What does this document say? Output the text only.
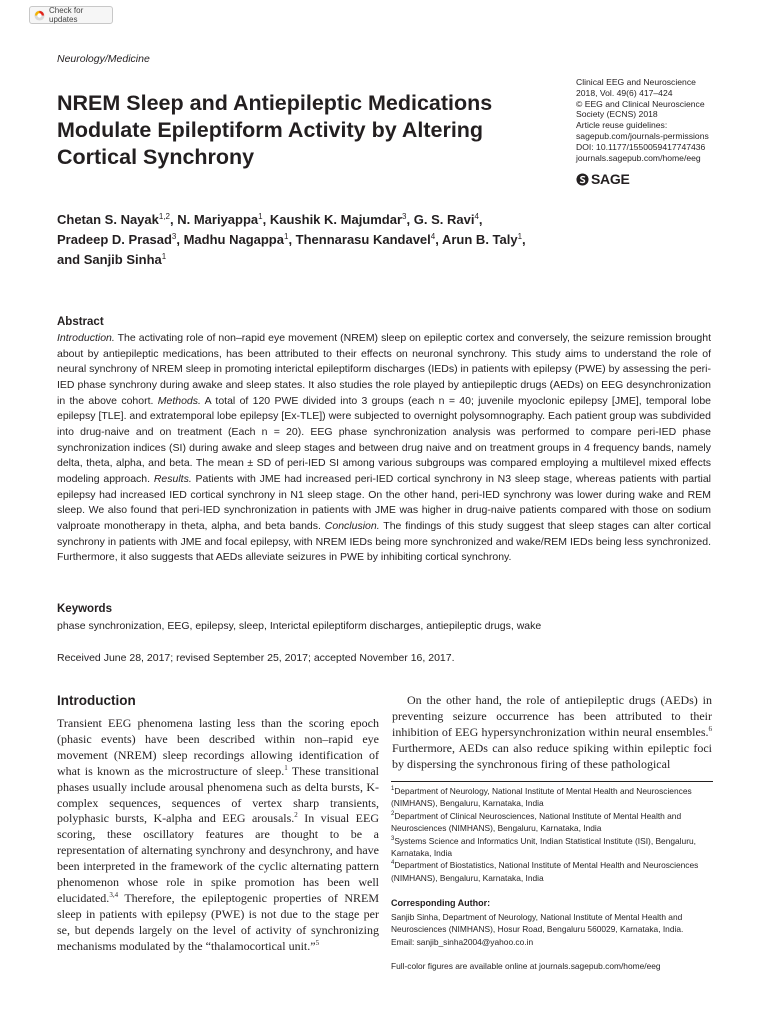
Check for updates
Neurology/Medicine
NREM Sleep and Antiepileptic Medications Modulate Epileptiform Activity by Altering Cortical Synchrony
Clinical EEG and Neuroscience
2018, Vol. 49(6) 417–424
© EEG and Clinical Neuroscience
Society (ECNS) 2018
Article reuse guidelines:
sagepub.com/journals-permissions
DOI: 10.1177/1550059417747436
journals.sagepub.com/home/eeg
SAGE
Chetan S. Nayak$^{1,2}$, N. Mariyappa$^1$, Kaushik K. Majumdar$^3$, G. S. Ravi$^4$,
Pradeep D. Prasad$^3$, Madhu Nagappa$^1$, Thennarasu Kandavel$^4$, Arun B. Taly$^1$,
and Sanjib Sinha$^1$
Abstract

Introduction. The activating role of non–rapid eye movement (NREM) sleep on epileptic cortex and conversely, the seizure remission brought about by antiepileptic medications, has been attributed to their effects on neuronal synchrony. This study aims to understand the role of neural synchrony of NREM sleep in promoting interictal epileptiform discharges (IEDs) in patients with epilepsy (PWE) by assessing the peri-IED phase synchrony during awake and sleep states. It also studies the role played by antiepileptic drugs (AEDs) on EEG desynchronization in the above cohort. Methods. A total of 120 PWE divided into 3 groups (each n = 40; juvenile myoclonic epilepsy [JME], temporal lobe epilepsy [TLE]. and extratemporal lobe epilepsy [Ex-TLE]) were subjected to overnight polysomnography. Each patient group was subdivided into drug-naive and on treatment (Each n = 20). EEG phase synchronization analysis was performed to compare peri-IED phase synchronization indices (SI) during awake and sleep stages and between drug naive and on treatment groups in 4 frequency bands, namely delta, theta, alpha, and beta. The mean ± SD of peri-IED SI among various subgroups was compared employing a multilevel mixed effects modeling approach. Results. Patients with JME had increased peri-IED cortical synchrony in N3 sleep stage, whereas patients with partial epilepsy had increased IED cortical synchrony in N1 sleep stage. On the other hand, peri-IED synchrony was lower during wake and REM sleep. We also found that peri-IED synchronization in patients with JME was higher in drug-naive patients compared with those on sodium valproate monotherapy in theta, alpha, and beta bands. Conclusion. The findings of this study suggest that sleep stages can alter cortical synchrony in patients with JME and focal epilepsy, with NREM IEDs being more synchronized and wake/REM IEDs being less synchronized. Furthermore, it also suggests that AEDs alleviate seizures in PWE by inhibiting cortical synchrony.

Keywords
phase synchronization, EEG, epilepsy, sleep, Interictal epileptiform discharges, antiepileptic drugs, wake
Received June 28, 2017; revised September 25, 2017; accepted November 16, 2017.
Introduction

Transient EEG phenomena lasting less than the scoring epoch (phasic events) have been described within non–rapid eye movement (NREM) sleep recordings allowing identification of what is known as the microstructure of sleep.$^1$ These transitional phases usually include arousal phenomena such as delta bursts, K-complex sequences, sequences of vertex sharp transients, polyphasic bursts, K-alpha and EEG arousals.$^2$ In visual EEG scoring, these oscillatory features are thought to be a representation of alternating synchrony and desynchrony, and have been interpreted in the framework of the cyclic alternating pattern phenomenon whose role in spike promotion has been well elucidated.$^{3,4}$ Therefore, the epileptogenic properties of NREM sleep in patients with epilepsy (PWE) is not due to the stage per se, but depends largely on the level of activity of synchronizing mechanisms modulated by the “thalamocortical unit.”$^5$

On the other hand, the role of antiepileptic drugs (AEDs) in preventing seizure occurrence has been attributed to their inhibition of EEG hypersynchronization within neural ensembles.$^6$ Furthermore, AEDs can also reduce spiking within epileptic foci by dispersing the synchronous firing of these pathological

$^1$Department of Neurology, National Institute of Mental Health and Neurosciences (NIMHANS), Bengaluru, Karnataka, India
$^2$Department of Clinical Neurosciences, National Institute of Mental Health and Neurosciences (NIMHANS), Bengaluru, Karnataka, India
$^3$Systems Science and Informatics Unit, Indian Statistical Institute (ISI), Bengaluru, Karnataka, India
$^4$Department of Biostatistics, National Institute of Mental Health and Neurosciences (NIMHANS), Bengaluru, Karnataka, India
Corresponding Author:
Sanjib Sinha, Department of Neurology, National Institute of Mental Health and Neurosciences (NIMHANS), Hosur Road, Bengaluru 560029, Karnataka, India.
Email: sanjib_sinha2004@yahoo.co.in
Full-color figures are available online at journals.sagepub.com/home/eeg
